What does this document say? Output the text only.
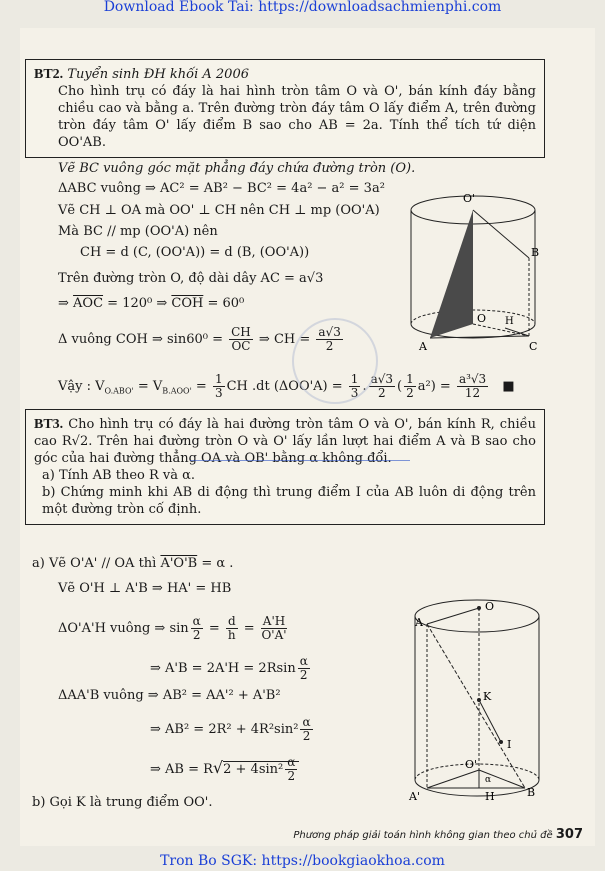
Download Ebook Tai: https://downloadsachmienphi.com
BT2. Tuyển sinh ĐH khối A 2006
Cho hình trụ có đáy là hai hình tròn tâm O và O', bán kính đáy bằng chiều cao và bằng a. Trên đường tròn đáy tâm O lấy điểm A, trên đường tròn đáy tâm O' lấy điểm B sao cho AB = 2a. Tính thể tích tứ diện OO'AB.
Vẽ BC vuông góc mặt phẳng đáy chứa đường tròn (O).
ΔABC vuông ⇒ AC² = AB² − BC² = 4a² − a² = 3a²
Vẽ CH ⊥ OA mà OO' ⊥ CH nên CH ⊥ mp (OO'A)
Mà BC // mp (OO'A) nên
CH = d (C, (OO'A)) = d (B, (OO'A))
Trên đường tròn O, độ dài dây AC = a√3
⇒ $\overline{AOC} = 120^0$ ⇒ $\overline{COH} = 60^0$
Δ vuông COH ⇒ $\sin 60^0 = \frac{CH}{OC}$ ⇒ CH = $\frac{a√3}{2}$
Vậy : $V_{O.ABO'} = V_{B.AOO'} = \frac{1}{3}$ CH .dt $(\Delta OO'A) = \frac{1}{3}$ . $\frac{a√3}{2}$ ( $\frac{1}{2} a^2) = \frac{\text{a³√3}}{12}$ ■
O'
B
H
O
A	C
BT3. Cho hình trụ có đáy là hai đường tròn tâm O và O', bán kính R, chiều cao R√2. Trên hai đường tròn O và O' lấy lần lượt hai điểm A và B sao cho góc của hai đường thẳng OA và OB' bằng α không đổi.
a) Tính AB theo R và α.
b) Chứng minh khi AB di động thì trung điểm I của AB luôn di động trên một đường tròn cố định.
a) Vẽ O'A' // OA thì A'O'B = α .
Vẽ O'H ⊥ A'B ⇒ HA' = HB
ΔO'A'H vuông ⇒ $\sin \frac{\alpha}{2} = \frac{d}{h} = \frac{A'H}{O'A'}$
⇒ $A'B = 2A'H = 2Rsin \frac{\alpha}{2}$
ΔAA'B vuông ⇒ AB² = AA'² + A'B²
⇒ $AB^2 = 2R^2 + 4R^2\sin^2 \frac{\alpha}{2}$
⇒ AB = $R√2 + 4\sin^2 \frac{\alpha}{2}$
b) Gọi K là trung điểm OO'.
A
O
K
I
O'
α
A'	H	B
Phương pháp giải toán hình không gian theo chủ đề 307
Tron Bo SGK: https://bookgiaokhoa.com
